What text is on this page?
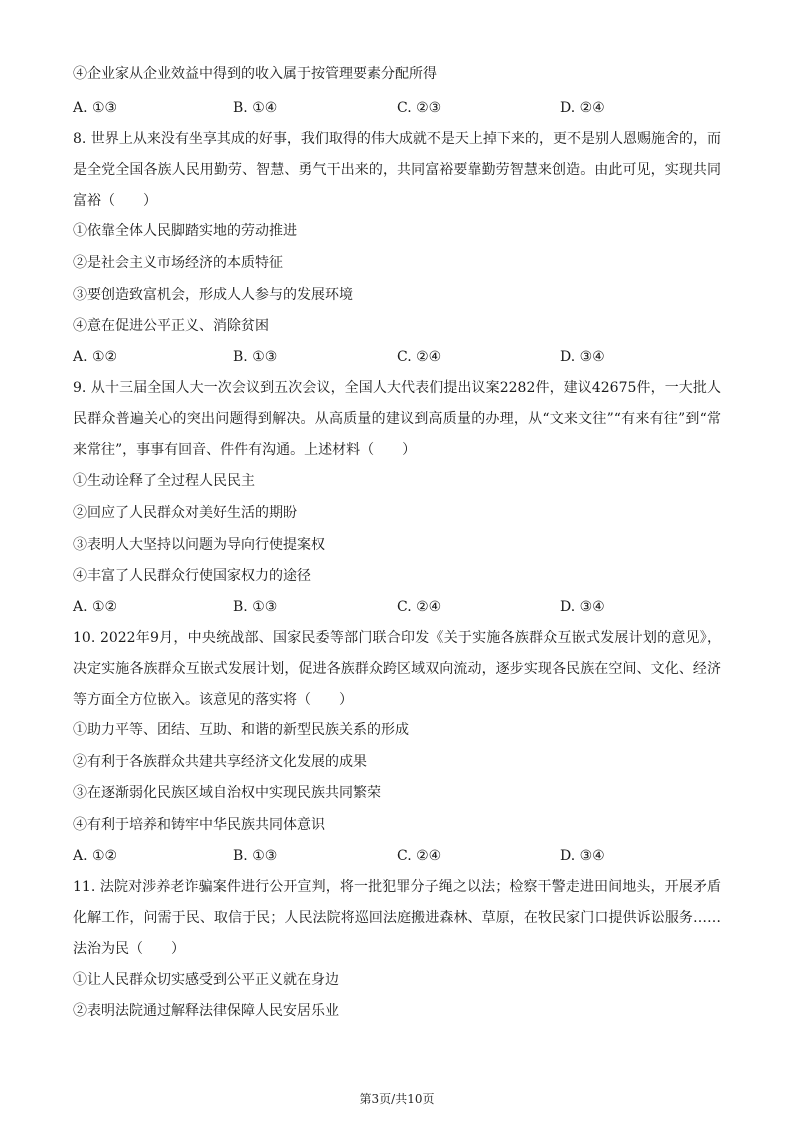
④企业家从企业效益中得到的收入属于按管理要素分配所得
A. ①③	B. ①④	C. ②③	D. ②④
8. 世界上从来没有坐享其成的好事，我们取得的伟大成就不是天上掉下来的，更不是别人恩赐施舍的，而是全党全国各族人民用勤劳、智慧、勇气干出来的，共同富裕要靠勤劳智慧来创造。由此可见，实现共同富裕（　　）
①依靠全体人民脚踏实地的劳动推进
②是社会主义市场经济的本质特征
③要创造致富机会，形成人人参与的发展环境
④意在促进公平正义、消除贫困
A. ①②	B. ①③	C. ②④	D. ③④
9. 从十三届全国人大一次会议到五次会议，全国人大代表们提出议案2282件，建议42675件，一大批人民群众普遍关心的突出问题得到解决。从高质量的建议到高质量的办理，从“文来文往”“有来有往”到“常来常往”，事事有回音、件件有沟通。上述材料（　　）
①生动诠释了全过程人民民主
②回应了人民群众对美好生活的期盼
③表明人大坚持以问题为导向行使提案权
④丰富了人民群众行使国家权力的途径
A. ①②	B. ①③	C. ②④	D. ③④
10. 2022年9月，中央统战部、国家民委等部门联合印发《关于实施各族群众互嵌式发展计划的意见》，决定实施各族群众互嵌式发展计划，促进各族群众跨区域双向流动，逐步实现各民族在空间、文化、经济等方面全方位嵌入。该意见的落实将（　　）
①助力平等、团结、互助、和谐的新型民族关系的形成
②有利于各族群众共建共享经济文化发展的成果
③在逐渐弱化民族区域自治权中实现民族共同繁荣
④有利于培养和铸牢中华民族共同体意识
A. ①②	B. ①③	C. ②④	D. ③④
11. 法院对涉养老诈骗案件进行公开宣判，将一批犯罪分子绳之以法；检察干警走进田间地头，开展矛盾化解工作，问需于民、取信于民；人民法院将巡回法庭搬进森林、草原，在牧民家门口提供诉讼服务……法治为民（　　）
①让人民群众切实感受到公平正义就在身边
②表明法院通过解释法律保障人民安居乐业
第3页/共10页
